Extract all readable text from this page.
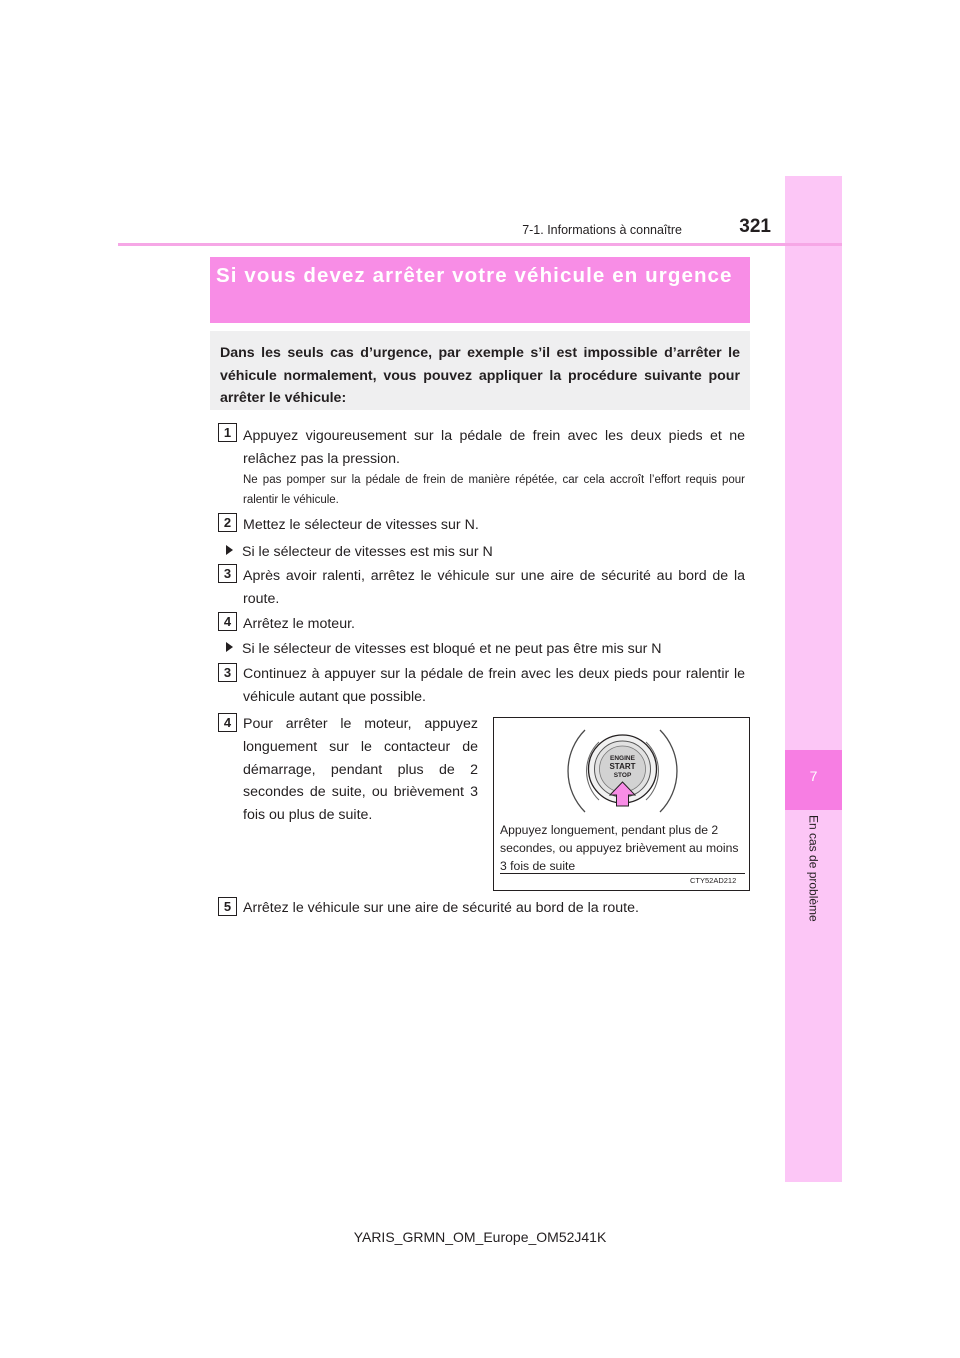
7
En cas de problème
7-1. Informations à connaître	321
Si vous devez arrêter votre véhicule en urgence
Dans les seuls cas d’urgence, par exemple s’il est impossible d’arrêter le véhicule normalement, vous pouvez appliquer la procédure suivante pour arrêter le véhicule:
1 Appuyez vigoureusement sur la pédale de frein avec les deux pieds et ne relâchez pas la pression.
Ne pas pomper sur la pédale de frein de manière répétée, car cela accroît l’effort requis pour ralentir le véhicule.
2 Mettez le sélecteur de vitesses sur N.
Si le sélecteur de vitesses est mis sur N
3 Après avoir ralenti, arrêtez le véhicule sur une aire de sécurité au bord de la route.
4 Arrêtez le moteur.
Si le sélecteur de vitesses est bloqué et ne peut pas être mis sur N
3 Continuez à appuyer sur la pédale de frein avec les deux pieds pour ralentir le véhicule autant que possible.
4 Pour arrêter le moteur, appuyez longuement sur le contacteur de démarrage, pendant plus de 2 secondes de suite, ou brièvement 3 fois ou plus de suite.
ENGINE
START
STOP
Appuyez longuement, pendant plus de 2 secondes, ou appuyez brièvement au moins 3 fois de suite
CTY52AD212
5 Arrêtez le véhicule sur une aire de sécurité au bord de la route.
YARIS_GRMN_OM_Europe_OM52J41K
